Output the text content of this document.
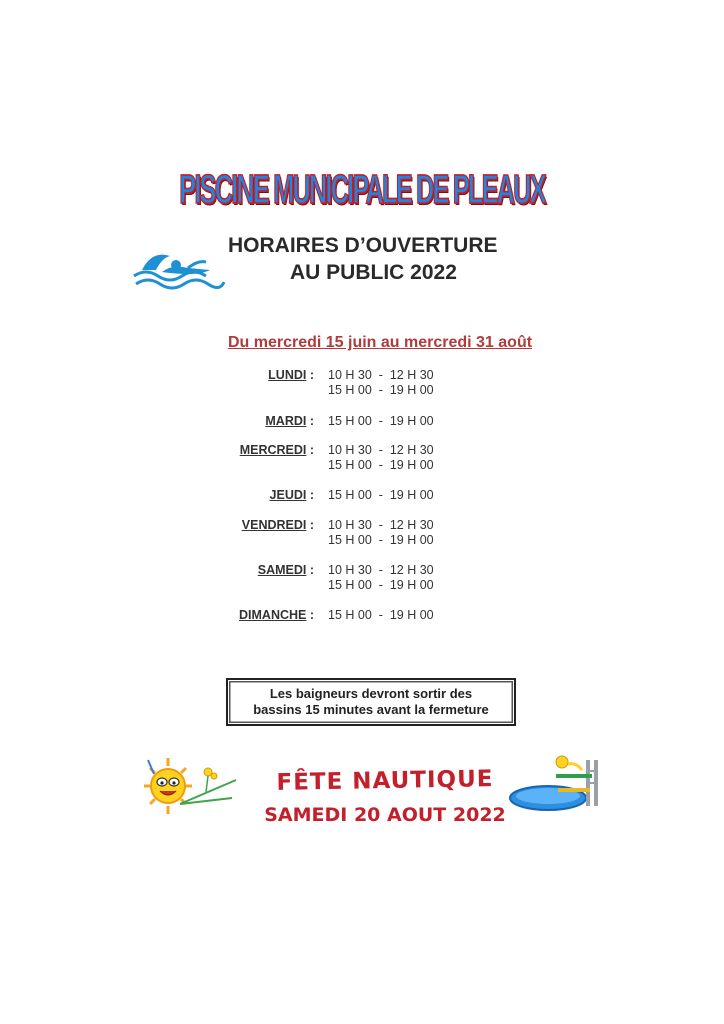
PISCINE MUNICIPALE DE PLEAUX
HORAIRES D’OUVERTURE
AU PUBLIC 2022
Du mercredi 15 juin au mercredi 31 août
LUNDI : 10 H 30  -  12 H 30
15 H 00  -  19 H 00
MARDI : 15 H 00  -  19 H 00
MERCREDI : 10 H 30  -  12 H 30
15 H 00  -  19 H 00
JEUDI : 15 H 00  -  19 H 00
VENDREDI : 10 H 30  -  12 H 30
15 H 00  -  19 H 00
SAMEDI : 10 H 30  -  12 H 30
15 H 00  -  19 H 00
DIMANCHE : 15 H 00  -  19 H 00
Les baigneurs devront sortir des
bassins 15 minutes avant la fermeture
FÊTE NAUTIQUE
SAMEDI 20 AOUT 2022
